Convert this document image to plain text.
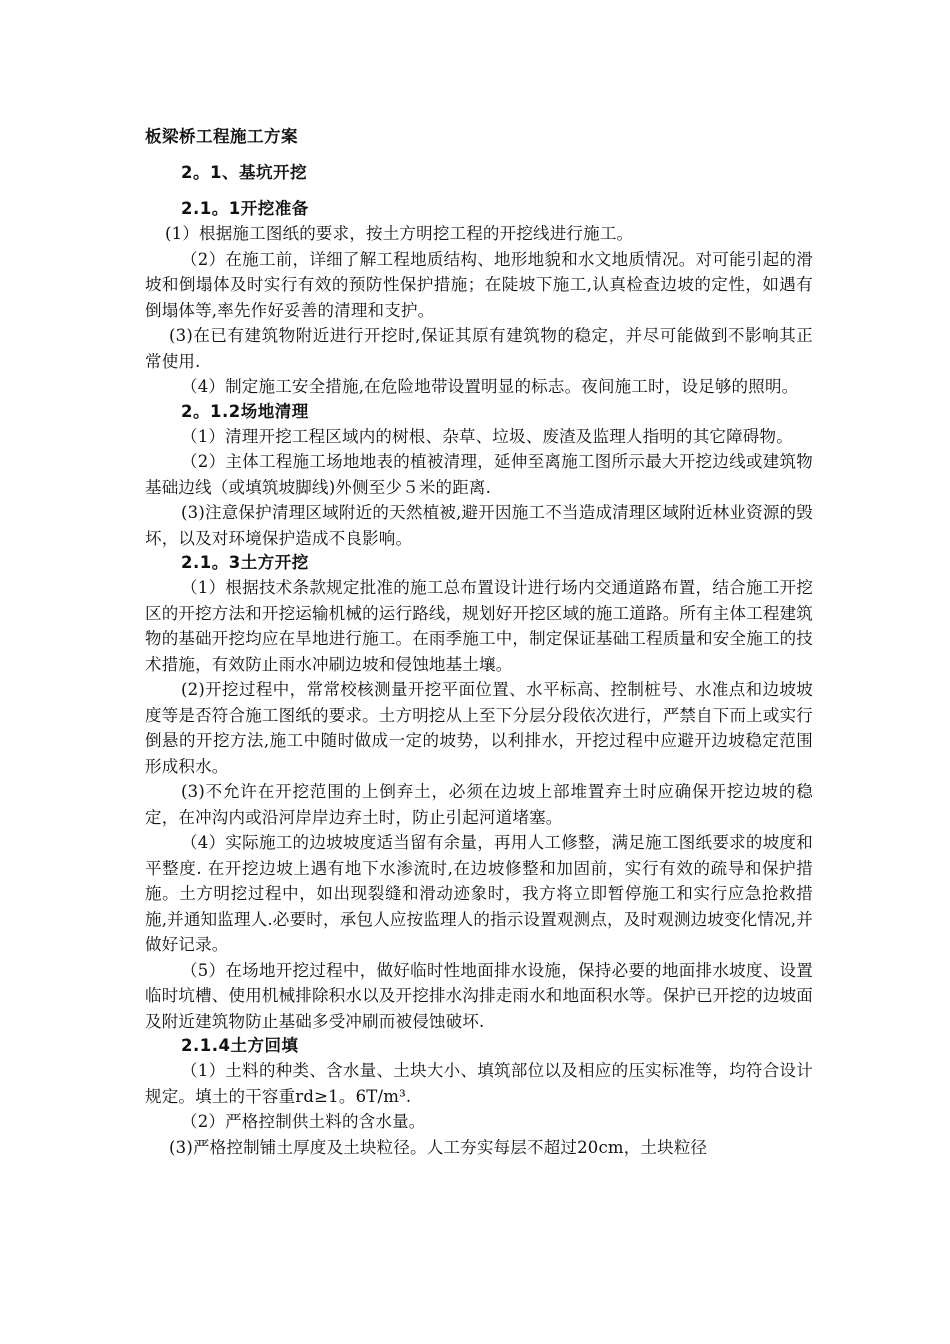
板梁桥工程施工方案
2。1、基坑开挖
2.1。1开挖准备

(1）根据施工图纸的要求，按土方明挖工程的开挖线进行施工。

（2）在施工前，详细了解工程地质结构、地形地貌和水文地质情况。对可能引起的滑坡和倒塌体及时实行有效的预防性保护措施；在陡坡下施工,认真检查边坡的定性，如遇有倒塌体等,率先作好妥善的清理和支护。

(3)在已有建筑物附近进行开挖时,保证其原有建筑物的稳定，并尽可能做到不影响其正常使用.

（4）制定施工安全措施,在危险地带设置明显的标志。夜间施工时，设足够的照明。

2。1.2场地清理

（1）清理开挖工程区域内的树根、杂草、垃圾、废渣及监理人指明的其它障碍物。

（2）主体工程施工场地地表的植被清理，延伸至离施工图所示最大开挖边线或建筑物基础边线（或填筑坡脚线)外侧至少５米的距离.

(3)注意保护清理区域附近的天然植被,避开因施工不当造成清理区域附近林业资源的毁坏，以及对环境保护造成不良影响。

2.1。3土方开挖

（1）根据技术条款规定批准的施工总布置设计进行场内交通道路布置，结合施工开挖区的开挖方法和开挖运输机械的运行路线，规划好开挖区域的施工道路。所有主体工程建筑物的基础开挖均应在旱地进行施工。在雨季施工中，制定保证基础工程质量和安全施工的技术措施，有效防止雨水冲刷边坡和侵蚀地基土壤。

(2)开挖过程中，常常校核测量开挖平面位置、水平标高、控制桩号、水准点和边坡坡度等是否符合施工图纸的要求。土方明挖从上至下分层分段依次进行，严禁自下而上或实行倒悬的开挖方法,施工中随时做成一定的坡势，以利排水，开挖过程中应避开边坡稳定范围形成积水。

(3)不允许在开挖范围的上倒弃土，必须在边坡上部堆置弃土时应确保开挖边坡的稳定，在冲沟内或沿河岸岸边弃土时，防止引起河道堵塞。

（4）实际施工的边坡坡度适当留有余量，再用人工修整，满足施工图纸要求的坡度和平整度. 在开挖边坡上遇有地下水渗流时,在边坡修整和加固前，实行有效的疏导和保护措施。土方明挖过程中，如出现裂缝和滑动迹象时，我方将立即暂停施工和实行应急抢救措施,并通知监理人.必要时，承包人应按监理人的指示设置观测点，及时观测边坡变化情况,并做好记录。

（5）在场地开挖过程中，做好临时性地面排水设施，保持必要的地面排水坡度、设置临时坑槽、使用机械排除积水以及开挖排水沟排走雨水和地面积水等。保护已开挖的边坡面及附近建筑物防止基础多受冲刷而被侵蚀破坏.

2.1.4土方回填

（1）土料的种类、含水量、土块大小、填筑部位以及相应的压实标准等，均符合设计规定。填土的干容重rd≥1。6T/m³.

（2）严格控制供土料的含水量。

(3)严格控制铺土厚度及土块粒径。人工夯实每层不超过20cm，土块粒径
